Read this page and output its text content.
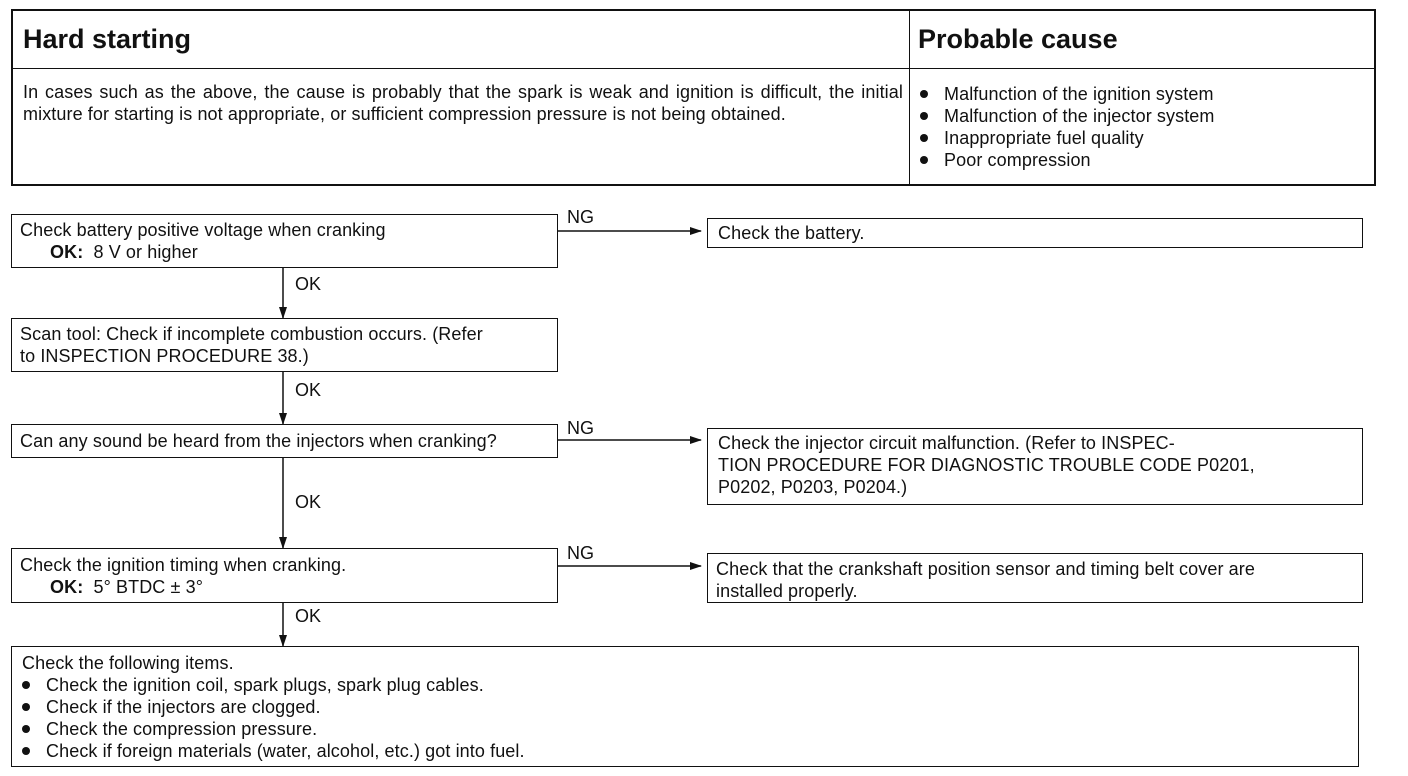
Hard starting	Probable cause
In cases such as the above, the cause is probably that the spark is weak and ignition is difficult, the initial mixture for starting is not appropriate, or sufficient compression pressure is not being obtained.
Malfunction of the ignition system
Malfunction of the injector system
Inappropriate fuel quality
Poor compression
Check battery positive voltage when cranking
OK: 8 V or higher
NG
Check the battery.
OK
Scan tool: Check if incomplete combustion occurs. (Refer
to INSPECTION PROCEDURE 38.)
OK
Can any sound be heard from the injectors when cranking?
NG
Check the injector circuit malfunction. (Refer to INSPEC-
TION PROCEDURE FOR DIAGNOSTIC TROUBLE CODE P0201,
P0202, P0203, P0204.)
OK
Check the ignition timing when cranking.
OK: 5° BTDC ± 3°
NG
Check that the crankshaft position sensor and timing belt cover are
installed properly.
OK
Check the following items.
Check the ignition coil, spark plugs, spark plug cables.
Check if the injectors are clogged.
Check the compression pressure.
Check if foreign materials (water, alcohol, etc.) got into fuel.
